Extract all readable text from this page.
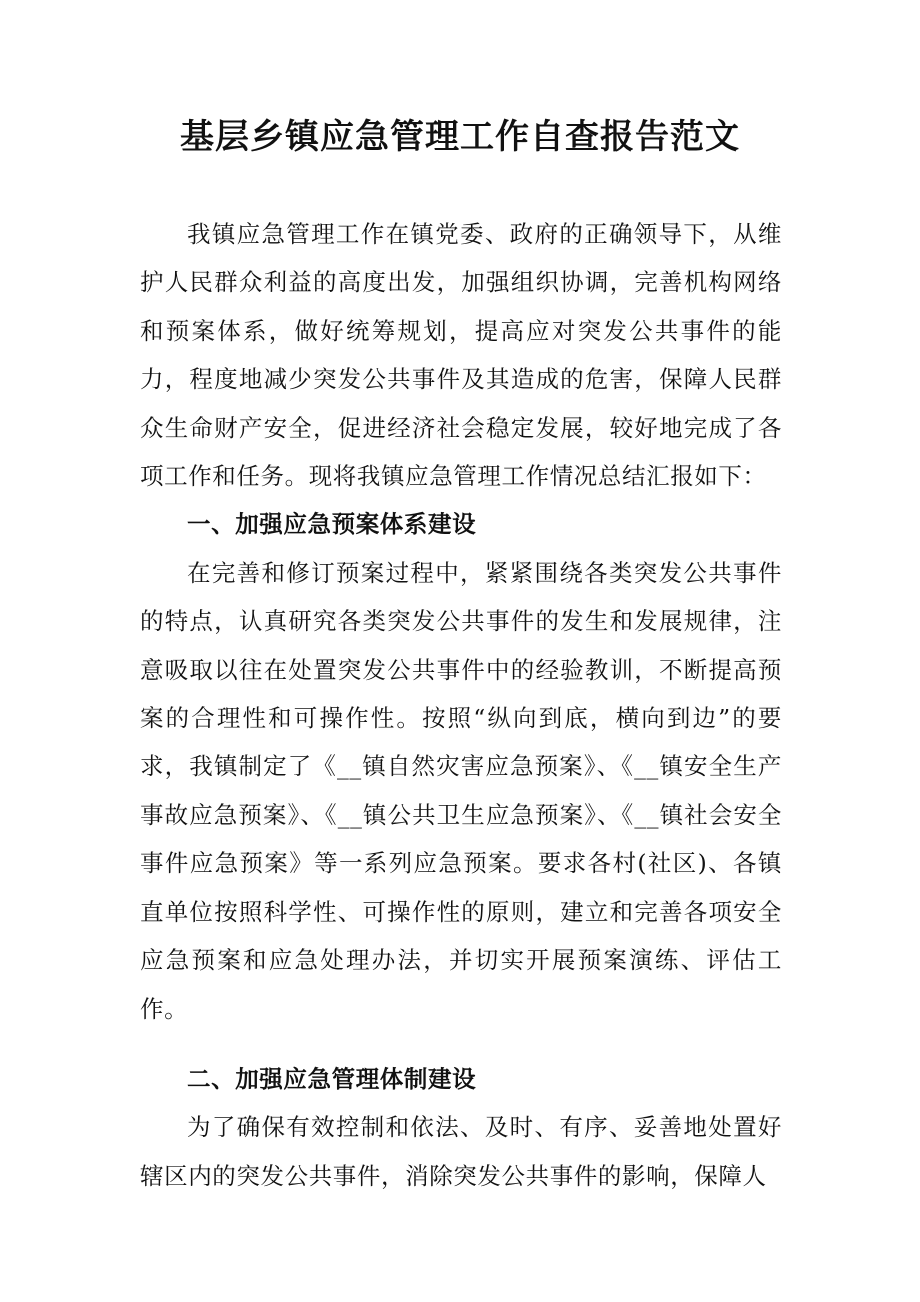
基层乡镇应急管理工作自查报告范文

我镇应急管理工作在镇党委、政府的正确领导下，从维护人民群众利益的高度出发，加强组织协调，完善机构网络和预案体系，做好统筹规划，提高应对突发公共事件的能力，程度地减少突发公共事件及其造成的危害，保障人民群众生命财产安全，促进经济社会稳定发展，较好地完成了各项工作和任务。现将我镇应急管理工作情况总结汇报如下：

一、加强应急预案体系建设

在完善和修订预案过程中，紧紧围绕各类突发公共事件的特点，认真研究各类突发公共事件的发生和发展规律，注意吸取以往在处置突发公共事件中的经验教训，不断提高预案的合理性和可操作性。按照“纵向到底，横向到边”的要求，我镇制定了《__镇自然灾害应急预案》、《__镇安全生产事故应急预案》、《__镇公共卫生应急预案》、《__镇社会安全事件应急预案》等一系列应急预案。要求各村(社区)、各镇直单位按照科学性、可操作性的原则，建立和完善各项安全应急预案和应急处理办法，并切实开展预案演练、评估工作。

二、加强应急管理体制建设

为了确保有效控制和依法、及时、有序、妥善地处置好辖区内的突发公共事件，消除突发公共事件的影响，保障人
